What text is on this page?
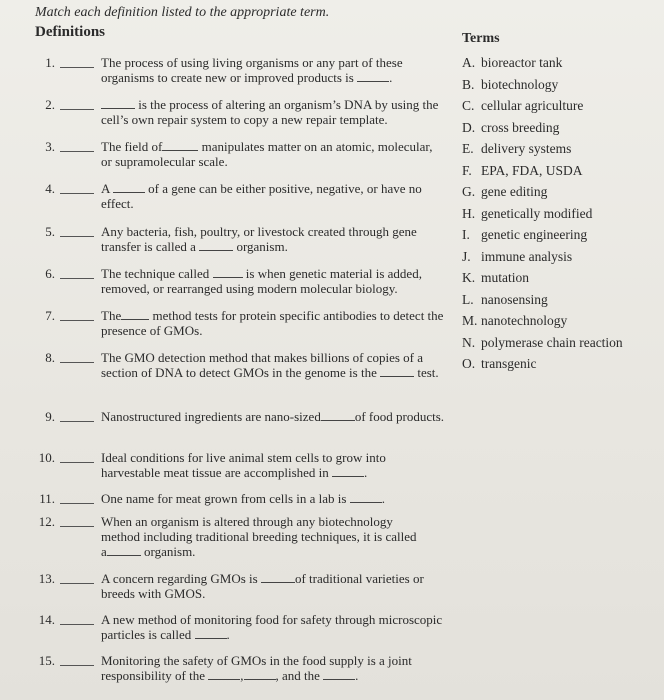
Match each definition listed to the appropriate term.
Definitions	Terms
1.	The process of using living organisms or any part of these organisms to create new or improved products is	.
2.	is the process of altering an organism’s DNA by using the cell’s own repair system to copy a new repair template.
3.	The field of	manipulates matter on an atomic, molecular, or supramolecular scale.
4.	A	of a gene can be either positive, negative, or have no effect.
5.	Any bacteria, fish, poultry, or livestock created through gene transfer is called a	organism.
6.	The technique called	is when genetic material is added, removed, or rearranged using modern molecular biology.
7.	The method tests for protein specific antibodies to detect the presence of GMOs.
8.	The GMO detection method that makes billions of copies of a section of DNA to detect GMOs in the genome is the	test.
9.	Nanostructured ingredients are nano-sized	of food products.
10.	Ideal conditions for live animal stem cells to grow into harvestable meat tissue are accomplished in	.
11.	One name for meat grown from cells in a lab is	.
12.	When an organism is altered through any biotechnology method including traditional breeding techniques, it is called a	organism.
13.	A concern regarding GMOs is	of traditional varieties or breeds with GMOS.
14.	A new method of monitoring food for safety through microscopic particles is called	.
15.	Monitoring the safety of GMOs in the food supply is a joint responsibility of the	, , and the	.
A. bioreactor tank
B. biotechnology
C. cellular agriculture
D. cross breeding
E. delivery systems
F. EPA, FDA, USDA
G. gene editing
H. genetically modified
I. genetic engineering
J. immune analysis
K. mutation
L. nanosensing
M. nanotechnology
N. polymerase chain reaction
O. transgenic
